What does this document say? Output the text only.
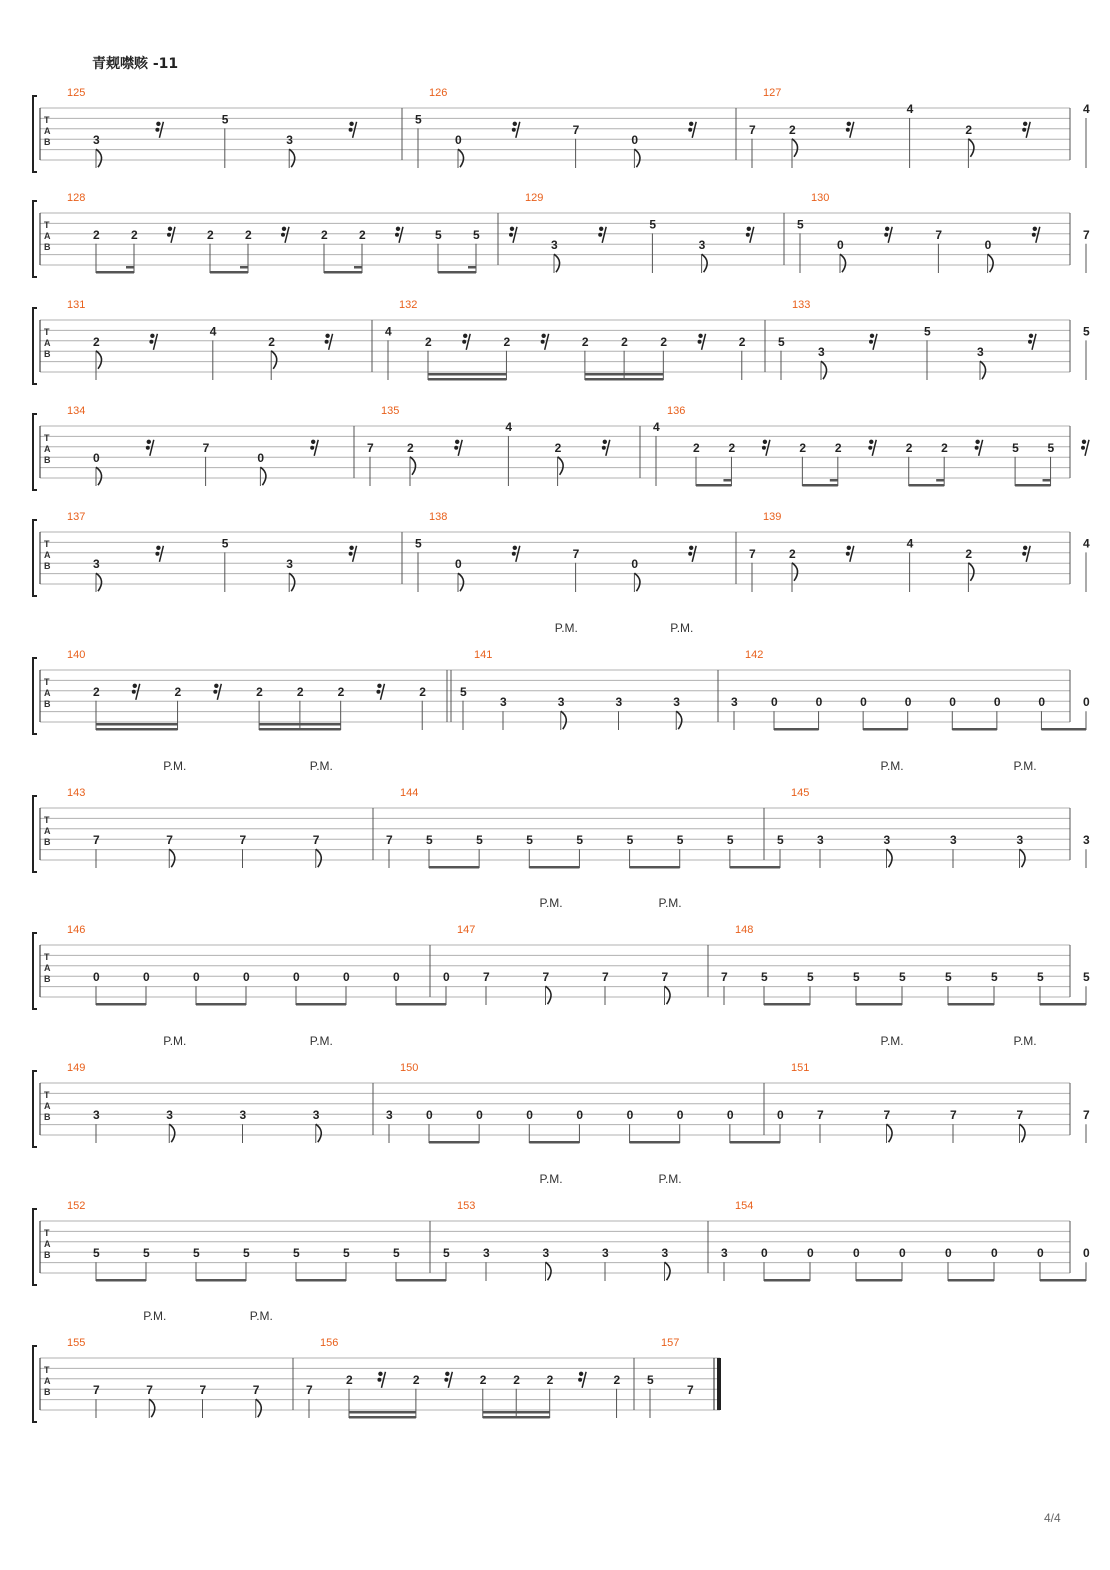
青觌噤赅 -11
T
A
B
125
3
5
3
5
126
0
7
0
7
127
2
4
2
4
T
A
B
128
2	2	2	2	2	2	5	5
129
3
5
3
5
130
0
7
0
7
T
A
B
131
2
4
2
4
132
2	2	2	2	2	2	5
133
3
5
3
5
T
A
B
134
0
7
0
7
135
2
4
2
4
136
2 2	2 2	2 2	5 5
T
A
B
137
3
5
3
5
138
0
7
0
7
139
2
4
2
4
T
A
B
140
2	2	2	2	2	2	5
141
P.M.	P.M.
3	3	3	3	3
142
0	0	0	0	0	0	0	0
T
A
B
143
P.M.	P.M.
7	7	7	7	7
144
5	5	5	5	5	5	5	5
145
P.M.	P.M.
3	3	3	3	3
T
A
B
146
0	0	0	0	0	0	0	0
147
P.M.	P.M.
7	7	7	7	7
148
5	5	5	5	5	5	5	5
T
A
B
149
P.M.	P.M.
3	3	3	3	3
150
0	0	0	0	0	0	0	0
151
P.M.	P.M.
7	7	7	7	7
T
A
B
152
5	5	5	5	5	5	5	5
153
P.M.	P.M.
3	3	3	3	3
154
0	0	0	0	0	0	0	0
T
A
B
155
P.M.	P.M.
7	7	7	7	7
156
2	2	2 2 2	2 5
157
7
4/4
